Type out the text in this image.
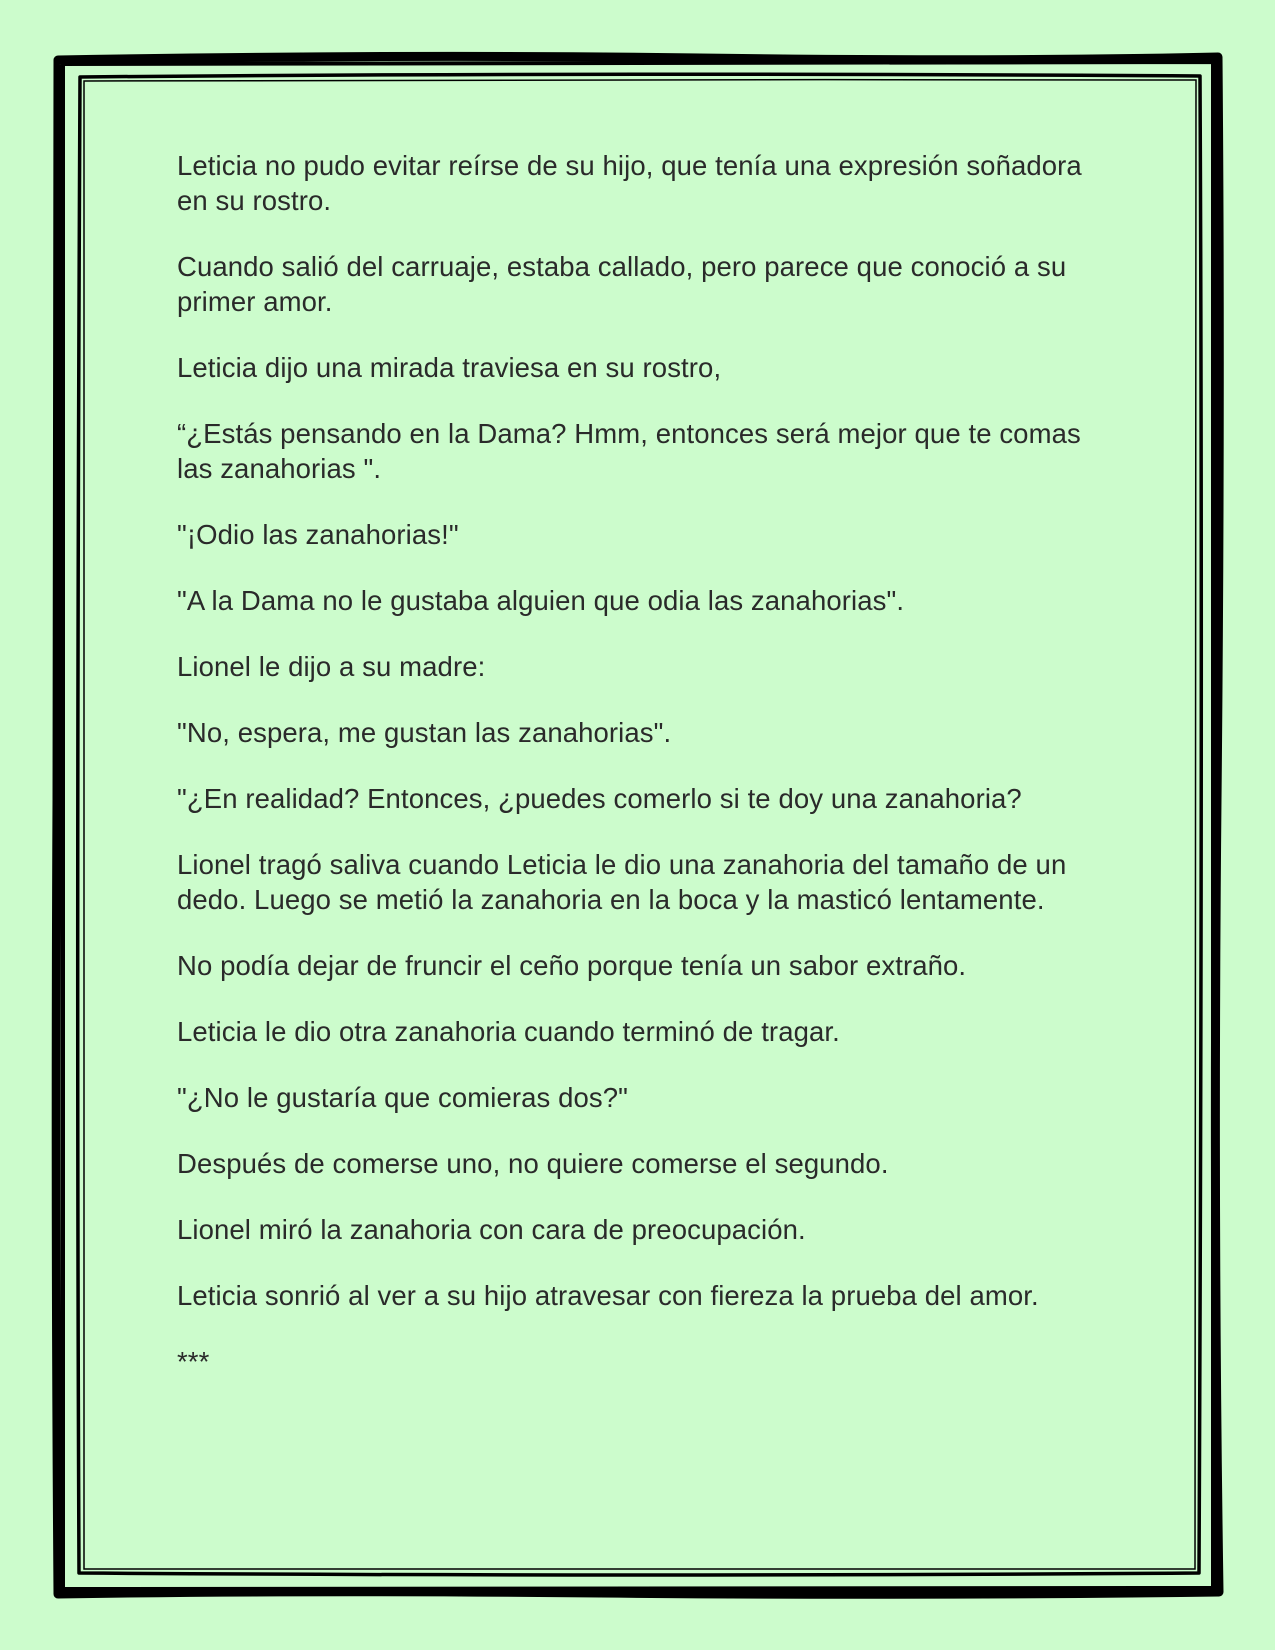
Leticia no pudo evitar reírse de su hijo, que tenía una expresión soñadora en su rostro.

Cuando salió del carruaje, estaba callado, pero parece que conoció a su primer amor.

Leticia dijo una mirada traviesa en su rostro,

“¿Estás pensando en la Dama? Hmm, entonces será mejor que te comas las zanahorias ".

"¡Odio las zanahorias!"

"A la Dama no le gustaba alguien que odia las zanahorias".

Lionel le dijo a su madre:

"No, espera, me gustan las zanahorias".

"¿En realidad? Entonces, ¿puedes comerlo si te doy una zanahoria?

Lionel tragó saliva cuando Leticia le dio una zanahoria del tamaño de un dedo. Luego se metió la zanahoria en la boca y la masticó lentamente.

No podía dejar de fruncir el ceño porque tenía un sabor extraño.

Leticia le dio otra zanahoria cuando terminó de tragar.

"¿No le gustaría que comieras dos?"

Después de comerse uno, no quiere comerse el segundo.

Lionel miró la zanahoria con cara de preocupación.

Leticia sonrió al ver a su hijo atravesar con fiereza la prueba del amor.

***
